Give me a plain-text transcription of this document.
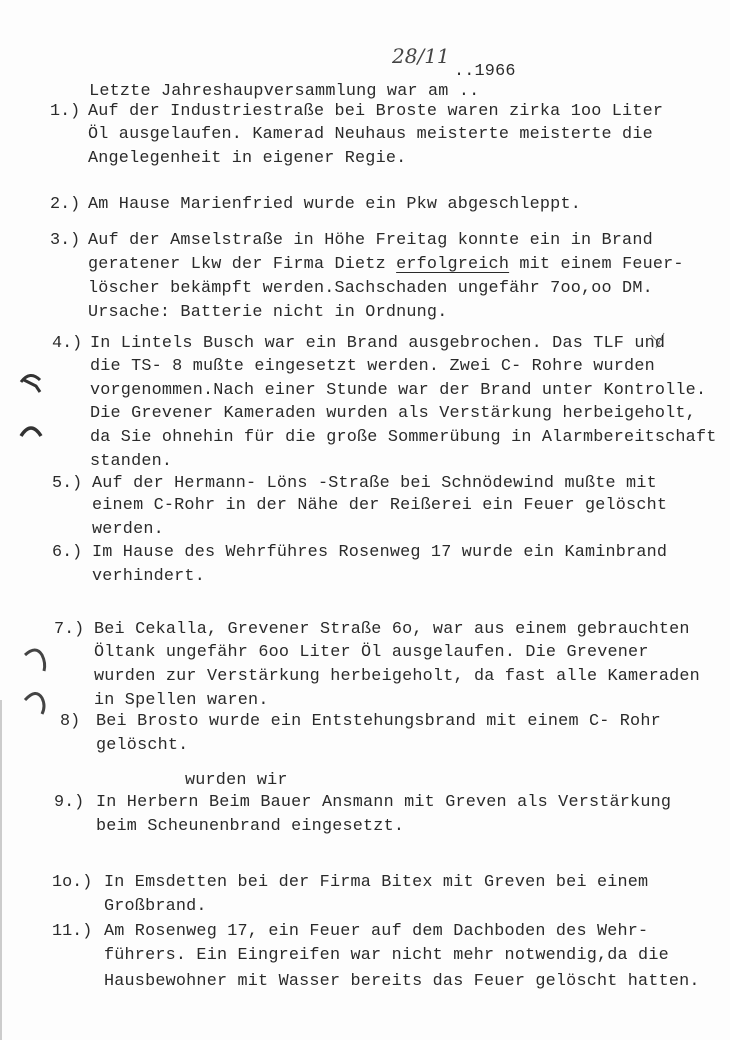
Letzte Jahreshaupversammlung war am ..

28/11
..1966
1.) Auf der Industriestraße bei Broste waren zirka 1oo Liter
Öl ausgelaufen. Kamerad Neuhaus meisterte meisterte die
Angelegenheit in eigener Regie.
2.) Am Hause Marienfried wurde ein Pkw abgeschleppt.
3.) Auf der Amselstraße in Höhe Freitag konnte ein in Brand
geratener Lkw der Firma Dietz erfolgreich mit einem Feuer-
löscher bekämpft werden.Sachschaden ungefähr 7oo,oo DM.
Ursache: Batterie nicht in Ordnung.
4.) In Lintels Busch war ein Brand ausgebrochen. Das TLF und
die TS- 8 mußte eingesetzt werden. Zwei C- Rohre wurden
vorgenommen.Nach einer Stunde war der Brand unter Kontrolle.
Die Grevener Kameraden wurden als Verstärkung herbeigeholt,
da Sie ohnehin für die große Sommerübung in Alarmbereitschaft
standen.
5.) Auf der Hermann- Löns -Straße bei Schnödewind mußte mit
einem C-Rohr in der Nähe der Reißerei ein Feuer gelöscht
werden.
6.) Im Hause des Wehrführes Rosenweg 17 wurde ein Kaminbrand
verhindert.
7.) Bei Cekalla, Grevener Straße 6o, war aus einem gebrauchten
Öltank ungefähr 6oo Liter Öl ausgelaufen. Die Grevener
wurden zur Verstärkung herbeigeholt, da fast alle Kameraden
in Spellen waren.
8) Bei Brosto wurde ein Entstehungsbrand mit einem C- Rohr
gelöscht.
9.)
wurden wir
In Herbern Beim Bauer Ansmann mit Greven als Verstärkung
beim Scheunenbrand eingesetzt.
1o.) In Emsdetten bei der Firma Bitex mit Greven bei einem
Großbrand.
11.) Am Rosenweg 17, ein Feuer auf dem Dachboden des Wehr-
führers. Ein Eingreifen war nicht mehr notwendig,da die
Hausbewohner mit Wasser bereits das Feuer gelöscht hatten.
